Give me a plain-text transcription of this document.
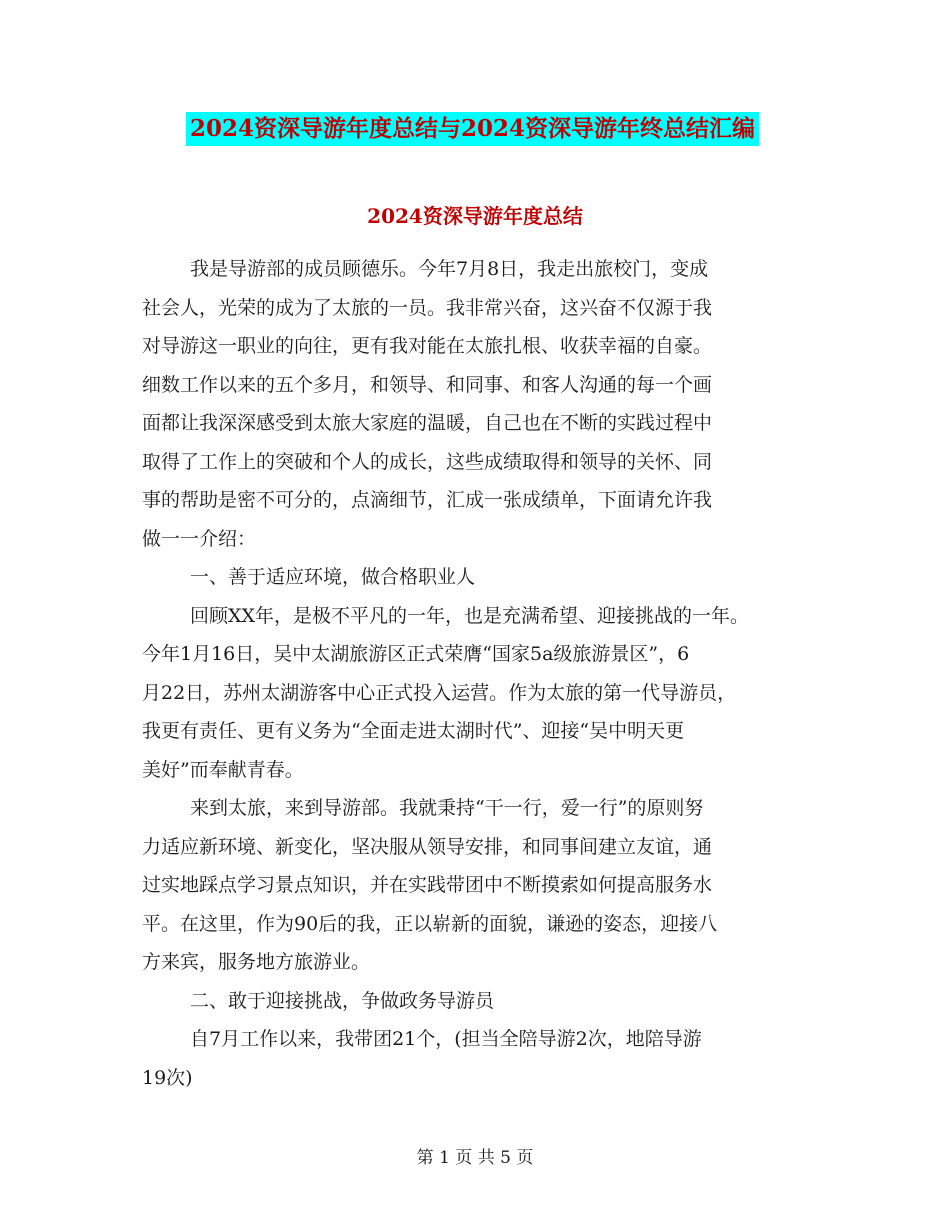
2024资深导游年度总结与2024资深导游年终总结汇编
2024资深导游年度总结
我是导游部的成员顾德乐。今年7月8日，我走出旅校门，变成
社会人，光荣的成为了太旅的一员。我非常兴奋，这兴奋不仅源于我
对导游这一职业的向往，更有我对能在太旅扎根、收获幸福的自豪。
细数工作以来的五个多月，和领导、和同事、和客人沟通的每一个画
面都让我深深感受到太旅大家庭的温暖，自己也在不断的实践过程中
取得了工作上的突破和个人的成长，这些成绩取得和领导的关怀、同
事的帮助是密不可分的，点滴细节，汇成一张成绩单，下面请允许我
做一一介绍：
一、善于适应环境，做合格职业人
回顾XX年，是极不平凡的一年，也是充满希望、迎接挑战的一年。
今年1月16日，吴中太湖旅游区正式荣膺“国家5a级旅游景区”，6
月22日，苏州太湖游客中心正式投入运营。作为太旅的第一代导游员，
我更有责任、更有义务为“全面走进太湖时代”、迎接“吴中明天更
美好”而奉献青春。
来到太旅，来到导游部。我就秉持“干一行，爱一行”的原则努
力适应新环境、新变化，坚决服从领导安排，和同事间建立友谊，通
过实地踩点学习景点知识，并在实践带团中不断摸索如何提高服务水
平。在这里，作为90后的我，正以崭新的面貌，谦逊的姿态，迎接八
方来宾，服务地方旅游业。
二、敢于迎接挑战，争做政务导游员
自7月工作以来，我带团21个，(担当全陪导游2次，地陪导游
19次)
第 1 页 共 5 页
